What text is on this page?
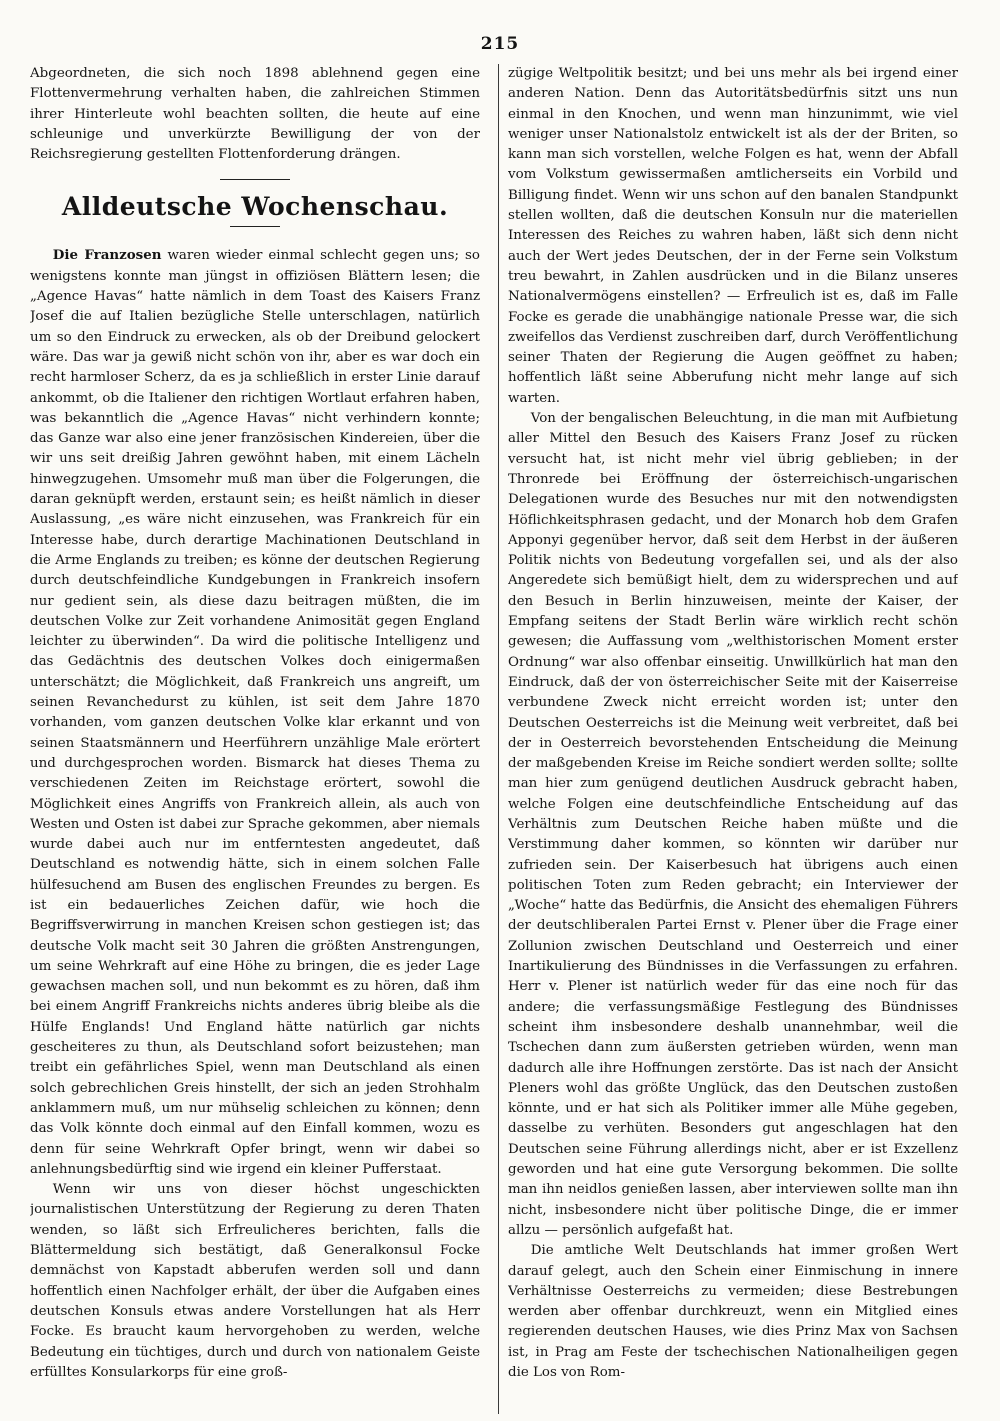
215

Abgeordneten, die sich noch 1898 ablehnend gegen eine Flottenvermehrung verhalten haben, die zahlreichen Stimmen ihrer Hinterleute wohl beachten sollten, die heute auf eine schleunige und unverkürzte Bewilligung der von der Reichsregierung gestellten Flottenforderung drängen.

Alldeutsche Wochenschau.

Die Franzosen waren wieder einmal schlecht gegen uns; so wenigstens konnte man jüngst in offiziösen Blättern lesen; die „Agence Havas“ hatte nämlich in dem Toast des Kaisers Franz Josef die auf Italien bezügliche Stelle unterschlagen, natürlich um so den Eindruck zu erwecken, als ob der Dreibund gelockert wäre. Das war ja gewiß nicht schön von ihr, aber es war doch ein recht harmloser Scherz, da es ja schließlich in erster Linie darauf ankommt, ob die Italiener den richtigen Wortlaut erfahren haben, was bekanntlich die „Agence Havas“ nicht verhindern konnte; das Ganze war also eine jener französischen Kindereien, über die wir uns seit dreißig Jahren gewöhnt haben, mit einem Lächeln hinwegzugehen. Umsomehr muß man über die Folgerungen, die daran geknüpft werden, erstaunt sein; es heißt nämlich in dieser Auslassung, „es wäre nicht einzusehen, was Frankreich für ein Interesse habe, durch derartige Machinationen Deutschland in die Arme Englands zu treiben; es könne der deutschen Regierung durch deutschfeindliche Kundgebungen in Frankreich insofern nur gedient sein, als diese dazu beitragen müßten, die im deutschen Volke zur Zeit vorhandene Animosität gegen England leichter zu überwinden“. Da wird die politische Intelligenz und das Gedächtnis des deutschen Volkes doch einigermaßen unterschätzt; die Möglichkeit, daß Frankreich uns angreift, um seinen Revanchedurst zu kühlen, ist seit dem Jahre 1870 vorhanden, vom ganzen deutschen Volke klar erkannt und von seinen Staatsmännern und Heerführern unzählige Male erörtert und durchgesprochen worden. Bismarck hat dieses Thema zu verschiedenen Zeiten im Reichstage erörtert, sowohl die Möglichkeit eines Angriffs von Frankreich allein, als auch von Westen und Osten ist dabei zur Sprache gekommen, aber niemals wurde dabei auch nur im entferntesten angedeutet, daß Deutschland es notwendig hätte, sich in einem solchen Falle hülfesuchend am Busen des englischen Freundes zu bergen. Es ist ein bedauerliches Zeichen dafür, wie hoch die Begriffsverwirrung in manchen Kreisen schon gestiegen ist; das deutsche Volk macht seit 30 Jahren die größten Anstrengungen, um seine Wehrkraft auf eine Höhe zu bringen, die es jeder Lage gewachsen machen soll, und nun bekommt es zu hören, daß ihm bei einem Angriff Frankreichs nichts anderes übrig bleibe als die Hülfe Englands! Und England hätte natürlich gar nichts gescheiteres zu thun, als Deutschland sofort beizustehen; man treibt ein gefährliches Spiel, wenn man Deutschland als einen solch gebrechlichen Greis hinstellt, der sich an jeden Strohhalm anklammern muß, um nur mühselig schleichen zu können; denn das Volk könnte doch einmal auf den Einfall kommen, wozu es denn für seine Wehrkraft Opfer bringt, wenn wir dabei so anlehnungsbedürftig sind wie irgend ein kleiner Pufferstaat.

Wenn wir uns von dieser höchst ungeschickten journalistischen Unterstützung der Regierung zu deren Thaten wenden, so läßt sich Erfreulicheres berichten, falls die Blättermeldung sich bestätigt, daß Generalkonsul Focke demnächst von Kapstadt abberufen werden soll und dann hoffentlich einen Nachfolger erhält, der über die Aufgaben eines deutschen Konsuls etwas andere Vorstellungen hat als Herr Focke. Es braucht kaum hervorgehoben zu werden, welche Bedeutung ein tüchtiges, durch und durch von nationalem Geiste erfülltes Konsularkorps für eine groß-

zügige Weltpolitik besitzt; und bei uns mehr als bei irgend einer anderen Nation. Denn das Autoritätsbedürfnis sitzt uns nun einmal in den Knochen, und wenn man hinzunimmt, wie viel weniger unser Nationalstolz entwickelt ist als der der Briten, so kann man sich vorstellen, welche Folgen es hat, wenn der Abfall vom Volkstum gewissermaßen amtlicherseits ein Vorbild und Billigung findet. Wenn wir uns schon auf den banalen Standpunkt stellen wollten, daß die deutschen Konsuln nur die materiellen Interessen des Reiches zu wahren haben, läßt sich denn nicht auch der Wert jedes Deutschen, der in der Ferne sein Volkstum treu bewahrt, in Zahlen ausdrücken und in die Bilanz unseres Nationalvermögens einstellen? — Erfreulich ist es, daß im Falle Focke es gerade die unabhängige nationale Presse war, die sich zweifellos das Verdienst zuschreiben darf, durch Veröffentlichung seiner Thaten der Regierung die Augen geöffnet zu haben; hoffentlich läßt seine Abberufung nicht mehr lange auf sich warten.

Von der bengalischen Beleuchtung, in die man mit Aufbietung aller Mittel den Besuch des Kaisers Franz Josef zu rücken versucht hat, ist nicht mehr viel übrig geblieben; in der Thronrede bei Eröffnung der österreichisch-ungarischen Delegationen wurde des Besuches nur mit den notwendigsten Höflichkeitsphrasen gedacht, und der Monarch hob dem Grafen Apponyi gegenüber hervor, daß seit dem Herbst in der äußeren Politik nichts von Bedeutung vorgefallen sei, und als der also Angeredete sich bemüßigt hielt, dem zu widersprechen und auf den Besuch in Berlin hinzuweisen, meinte der Kaiser, der Empfang seitens der Stadt Berlin wäre wirklich recht schön gewesen; die Auffassung vom „welthistorischen Moment erster Ordnung“ war also offenbar einseitig. Unwillkürlich hat man den Eindruck, daß der von österreichischer Seite mit der Kaiserreise verbundene Zweck nicht erreicht worden ist; unter den Deutschen Oesterreichs ist die Meinung weit verbreitet, daß bei der in Oesterreich bevorstehenden Entscheidung die Meinung der maßgebenden Kreise im Reiche sondiert werden sollte; sollte man hier zum genügend deutlichen Ausdruck gebracht haben, welche Folgen eine deutschfeindliche Entscheidung auf das Verhältnis zum Deutschen Reiche haben müßte und die Verstimmung daher kommen, so könnten wir darüber nur zufrieden sein. Der Kaiserbesuch hat übrigens auch einen politischen Toten zum Reden gebracht; ein Interviewer der „Woche“ hatte das Bedürfnis, die Ansicht des ehemaligen Führers der deutschliberalen Partei Ernst v. Plener über die Frage einer Zollunion zwischen Deutschland und Oesterreich und einer Inartikulierung des Bündnisses in die Verfassungen zu erfahren. Herr v. Plener ist natürlich weder für das eine noch für das andere; die verfassungsmäßige Festlegung des Bündnisses scheint ihm insbesondere deshalb unannehmbar, weil die Tschechen dann zum äußersten getrieben würden, wenn man dadurch alle ihre Hoffnungen zerstörte. Das ist nach der Ansicht Pleners wohl das größte Unglück, das den Deutschen zustoßen könnte, und er hat sich als Politiker immer alle Mühe gegeben, dasselbe zu verhüten. Besonders gut angeschlagen hat den Deutschen seine Führung allerdings nicht, aber er ist Exzellenz geworden und hat eine gute Versorgung bekommen. Die sollte man ihn neidlos genießen lassen, aber interviewen sollte man ihn nicht, insbesondere nicht über politische Dinge, die er immer allzu — persönlich aufgefaßt hat.

Die amtliche Welt Deutschlands hat immer großen Wert darauf gelegt, auch den Schein einer Einmischung in innere Verhältnisse Oesterreichs zu vermeiden; diese Bestrebungen werden aber offenbar durchkreuzt, wenn ein Mitglied eines regierenden deutschen Hauses, wie dies Prinz Max von Sachsen ist, in Prag am Feste der tschechischen Nationalheiligen gegen die Los von Rom-
